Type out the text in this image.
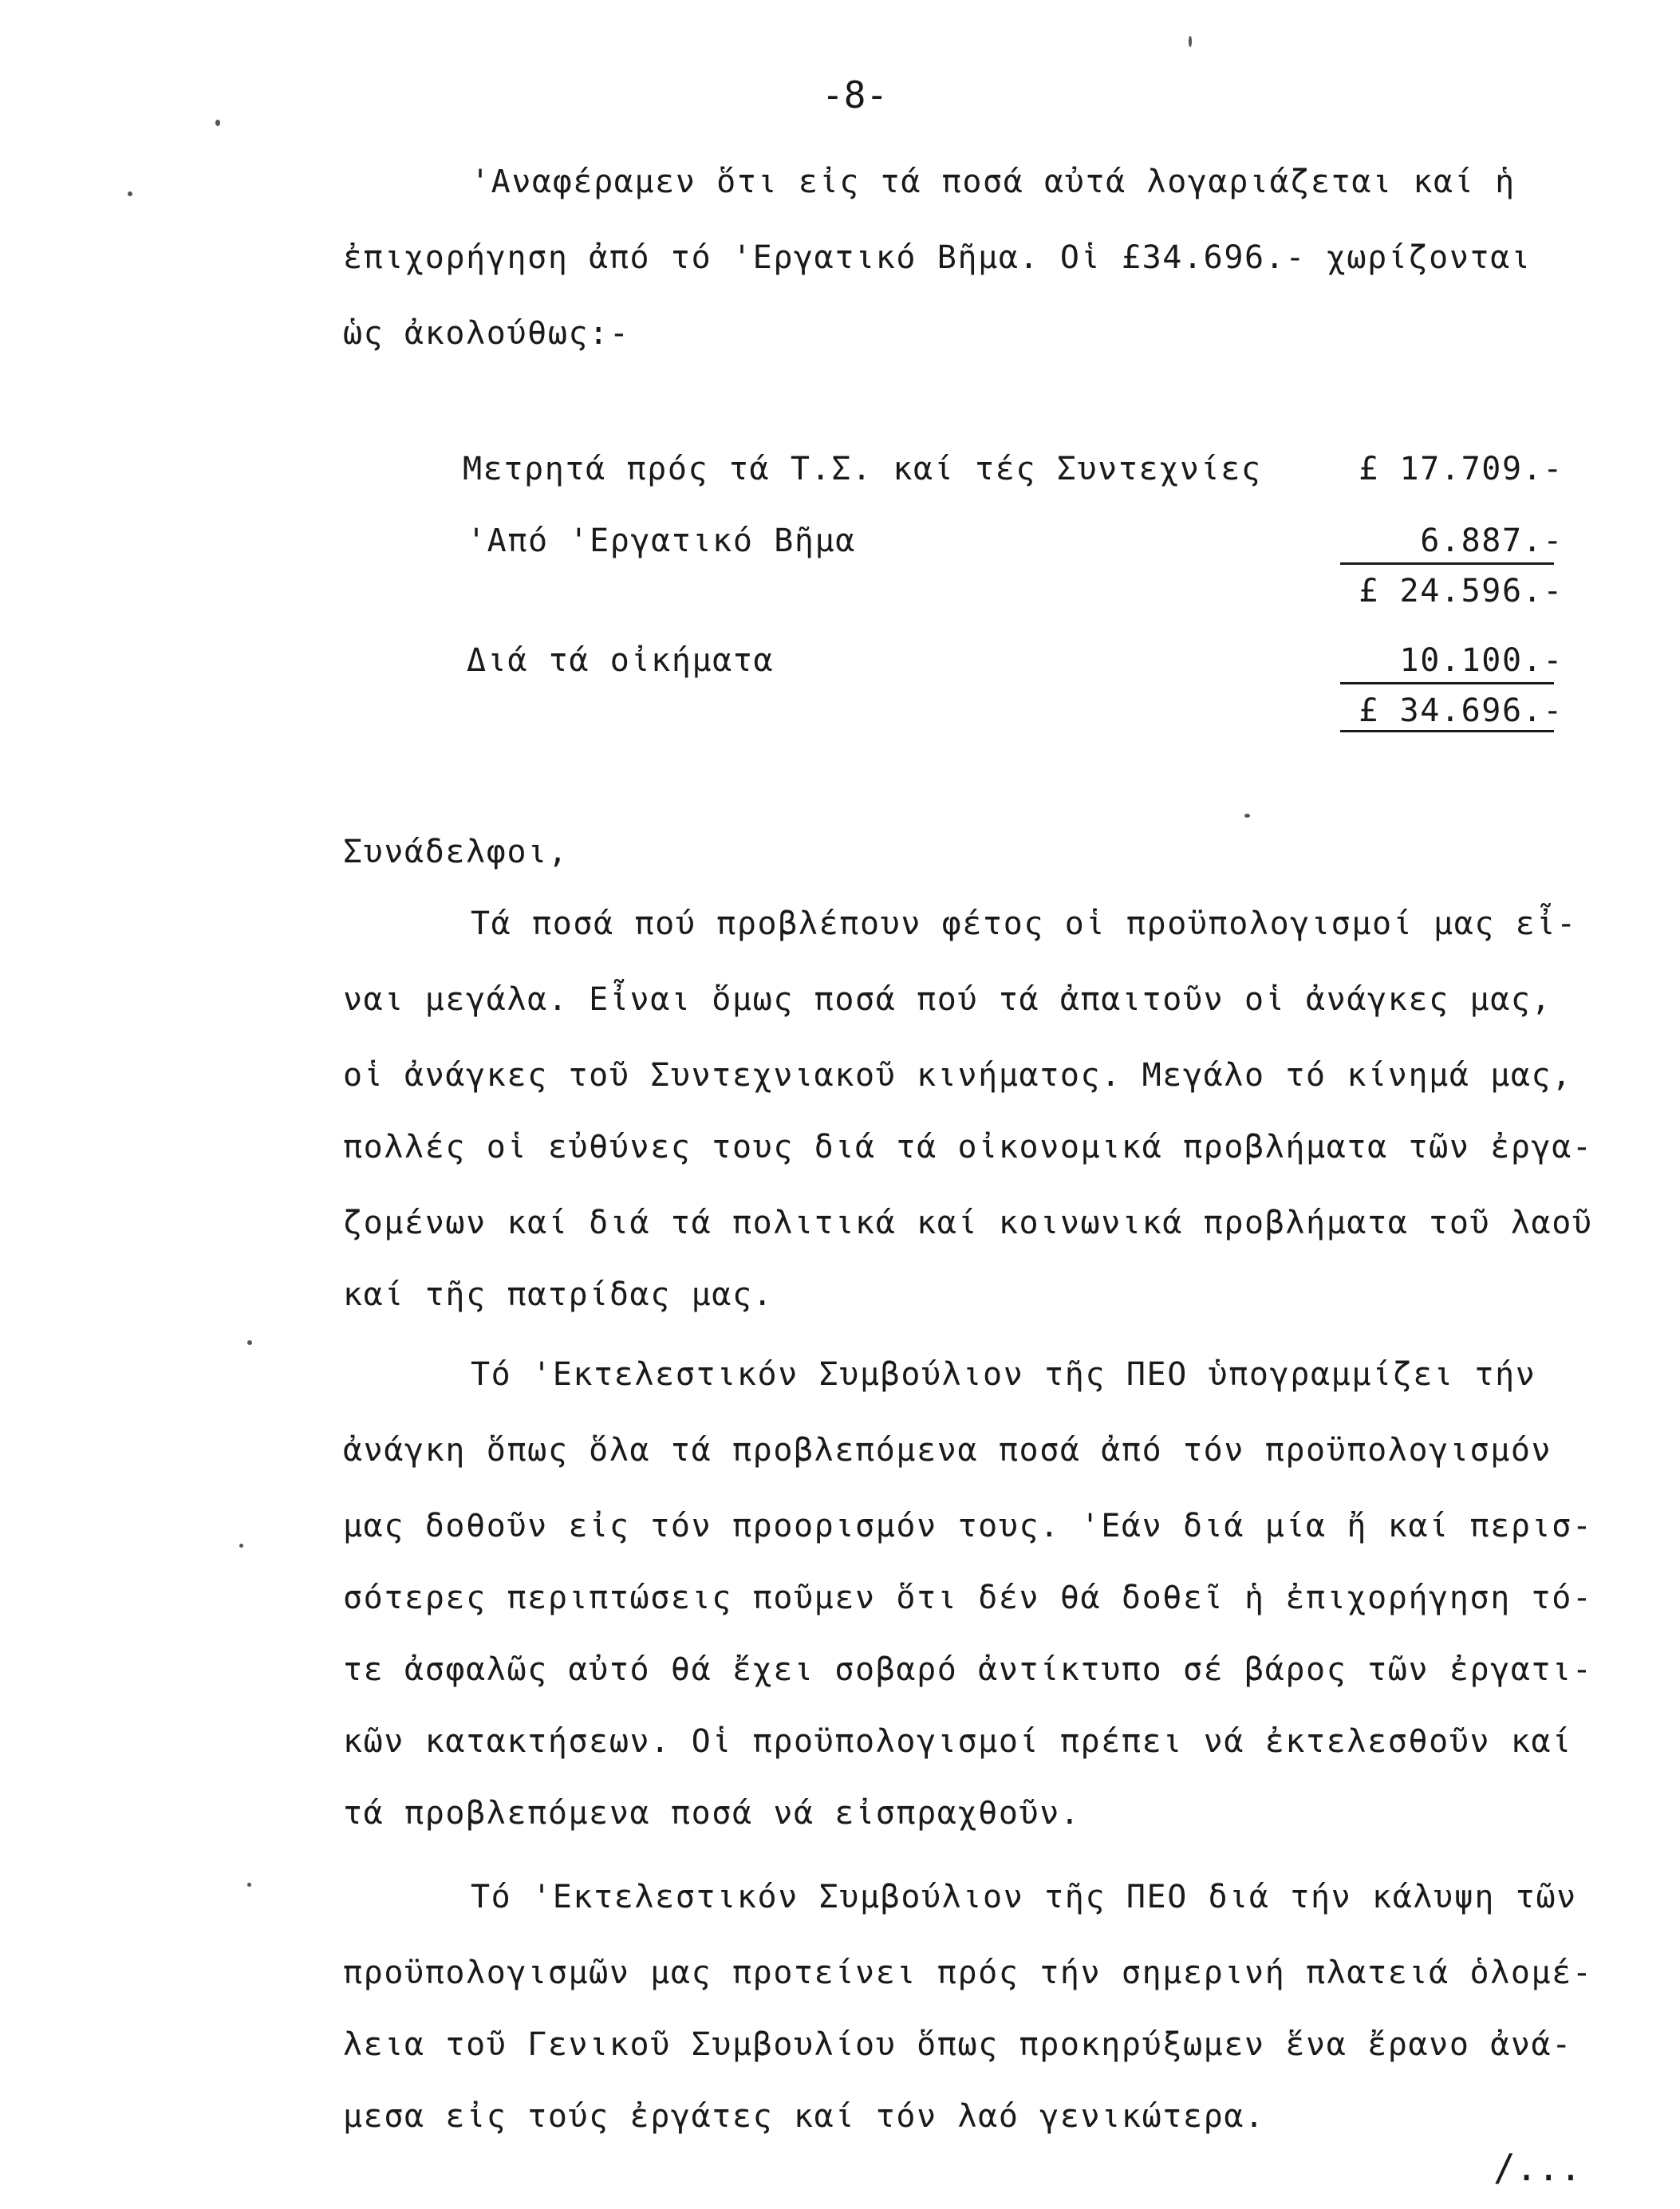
-8-
'Αναφέραμεν ὅτι εἰς τά ποσά αὐτά λογαριάζεται καί ἡ
ἐπιχορήγηση ἀπό τό 'Εργατικό Βῆμα. Οἱ £34.696.- χωρίζονται
ὡς ἀκολούθως:-
Μετρητά πρός τά Τ.Σ. καί τές Συντεχνίες	£ 17.709.-
'Από 'Εργατικό Βῆμα	6.887.-
£ 24.596.-
Διά τά οἰκήματα	10.100.-
£ 34.696.-
Συνάδελφοι,
Τά ποσά πού προβλέπουν φέτος οἱ προϋπολογισμοί μας εἶ-
ναι μεγάλα. Εἶναι ὅμως ποσά πού τά ἀπαιτοῦν οἱ ἀνάγκες μας,
οἱ ἀνάγκες τοῦ Συντεχνιακοῦ κινήματος. Μεγάλο τό κίνημά μας,
πολλές οἱ εὐθύνες τους διά τά οἰκονομικά προβλήματα τῶν ἐργα-
ζομένων καί διά τά πολιτικά καί κοινωνικά προβλήματα τοῦ λαοῦ
καί τῆς πατρίδας μας.
Τό 'Εκτελεστικόν Συμβούλιον τῆς ΠΕΟ ὑπογραμμίζει τήν
ἀνάγκη ὅπως ὅλα τά προβλεπόμενα ποσά ἀπό τόν προϋπολογισμόν
μας δοθοῦν εἰς τόν προορισμόν τους. 'Εάν διά μία ἤ καί περισ-
σότερες περιπτώσεις ποῦμεν ὅτι δέν θά δοθεῖ ἡ ἐπιχορήγηση τό-
τε ἀσφαλῶς αὐτό θά ἔχει σοβαρό ἀντίκτυπο σέ βάρος τῶν ἐργατι-
κῶν κατακτήσεων. Οἱ προϋπολογισμοί πρέπει νά ἐκτελεσθοῦν καί
τά προβλεπόμενα ποσά νά εἰσπραχθοῦν.
Τό 'Εκτελεστικόν Συμβούλιον τῆς ΠΕΟ διά τήν κάλυψη τῶν
προϋπολογισμῶν μας προτείνει πρός τήν σημερινή πλατειά ὁλομέ-
λεια τοῦ Γενικοῦ Συμβουλίου ὅπως προκηρύξωμεν ἕνα ἔρανο ἀνά-
μεσα εἰς τούς ἐργάτες καί τόν λαό γενικώτερα.
/...
